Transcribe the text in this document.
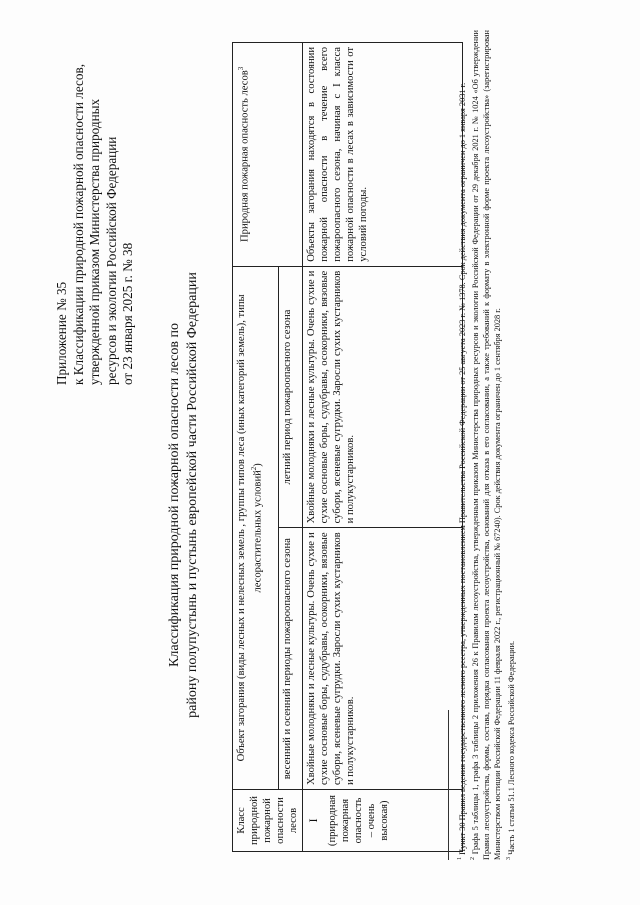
Приложение № 35 к Классификации природной пожарной опасности лесов, утвержденной приказом Министерства природных ресурсов и экологии Российской Федерации от 23 января 2025 г. № 38
Классификация природной пожарной опасности лесов по району полупустынь и пустынь европейской части Российской Федерации
Класс природной пожарной опасности лесов	Объект загорания (виды лесных и нелесных земель , группы типов леса (иных категорий земель), типы лесорастительных условий$^2$)		Природная пожарная опасность лесов$^3$
	весенний и осенний периоды пожароопасного сезона	летний период пожароопасного сезона	

I (природная пожарная опасность – очень высокая)	Хвойные молодняки и лесные культуры. Очень сухие и сухие сосновые боры, судубравы, осокорники, вязовые субори, ясеневые сугрудки. Заросли сухих кустарников и полукустарников.	Хвойные молодняки и лесные культуры. Очень сухие и сухие сосновые боры, судубравы, осокорники, вязовые субори, ясеневые сугрудки. Заросли сухих кустарников и полукустарников.	Объекты загорания находятся в состоянии пожарной опасности в течение всего пожароопасного сезона, начиная с I класса пожарной опасности в лесах в зависимости от условий погоды.
$^1$ Пункт 30 Правил ведения государственного лесного реестра, утвержденных постановлением Правительства Российской Федерации от 25 августа 2023 г. № 1378. Срок действия документа ограничен до 1 января 2031 г.
$^2$ Графа 5 таблицы 1, графа 3 таблицы 2 приложения 26 к Правилам лесоустройства, утвержденным приказом Министерства природных ресурсов и экологии Российской Федерации от 29 декабря 2021 г. № 1024 «Об утверждении Правил лесоустройства, формы, состава, порядка согласования проекта лесоустройства, оснований для отказа в его согласовании, а также требований к формату в электронной форме проекта лесоустройства» (зарегистрирован Министерством юстиции Российской Федерации 11 февраля 2022 г., регистрационный № 67240). Срок действия документа ограничен до 1 сентября 2028 г. $^3$ Часть 1 статьи 51.1 Лесного кодекса Российской Федерации.
